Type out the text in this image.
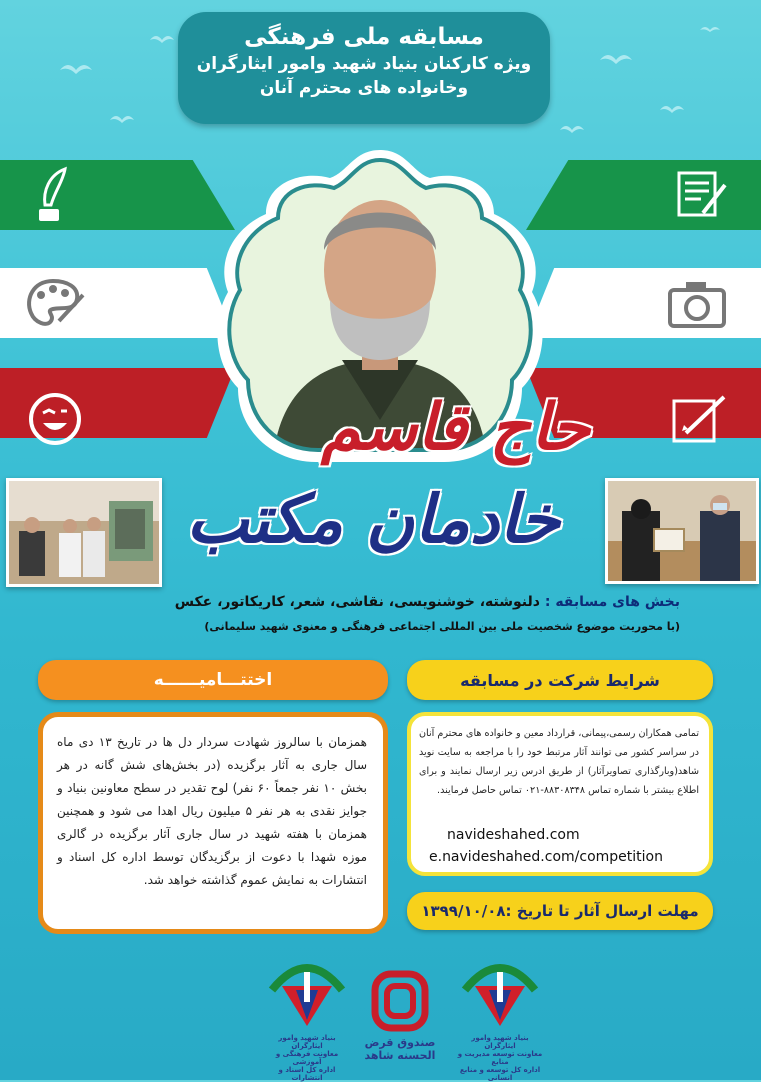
مسابقه ملی فرهنگی
ویژه کارکنان بنیاد شهید وامور ایثارگران
وخانواده های محترم آنان
حاج قاسم
خادمان مکتب
بخش های مسابقه : دلنوشته، خوشنویسی، نقاشی، شعر، کاریکاتور، عکس
(با محوریت موضوع شخصیت ملی بین المللی اجتماعی فرهنگی و معنوی شهید سلیمانی)
اختتـــامیــــــه	شرایط شرکت در مسابقه
همزمان با سالروز شهادت سردار دل ها در تاریخ ۱۳ دی ماه سال جاری به آثار برگزیده (در بخش‌های شش گانه در هر بخش ۱۰ نفر جمعاً ۶۰ نفر) لوح تقدیر در سطح معاونین بنیاد و جوایز نقدی به هر نفر ۵ میلیون ریال اهدا می شود و همچنین همزمان با هفته شهید در سال جاری آثار برگزیده در گالری موزه شهدا با دعوت از برگزیدگان توسط اداره کل اسناد و انتشارات به نمایش عموم گذاشته خواهد شد.
تمامی همکاران رسمی،پیمانی، قرارداد معین و خانواده های محترم آنان در سراسر کشور می توانند آثار مرتبط خود را با مراجعه به سایت نوید شاهد(وبارگذاری تصاویرآثار) از طریق ادرس زیر ارسال نمایند و برای اطلاع بیشتر با شماره تماس ۸۸۳۰۸۳۴۸-۰۲۱ تماس حاصل فرمایند.
navideshahed.com
e.navideshahed.com/competition
مهلت ارسال آثار تا تاریخ :۱۳۹۹/۱۰/۰۸
بنیاد شهید وامور ایثارگران
معاونت فرهنگی و آموزشی
اداره کل اسناد و انتشارات
صندوق قرض الحسنه شاهد
بنیاد شهید وامور ایثارگران
معاونت توسعه مدیریت و منابع
اداره کل توسعه و منابع انسانی
